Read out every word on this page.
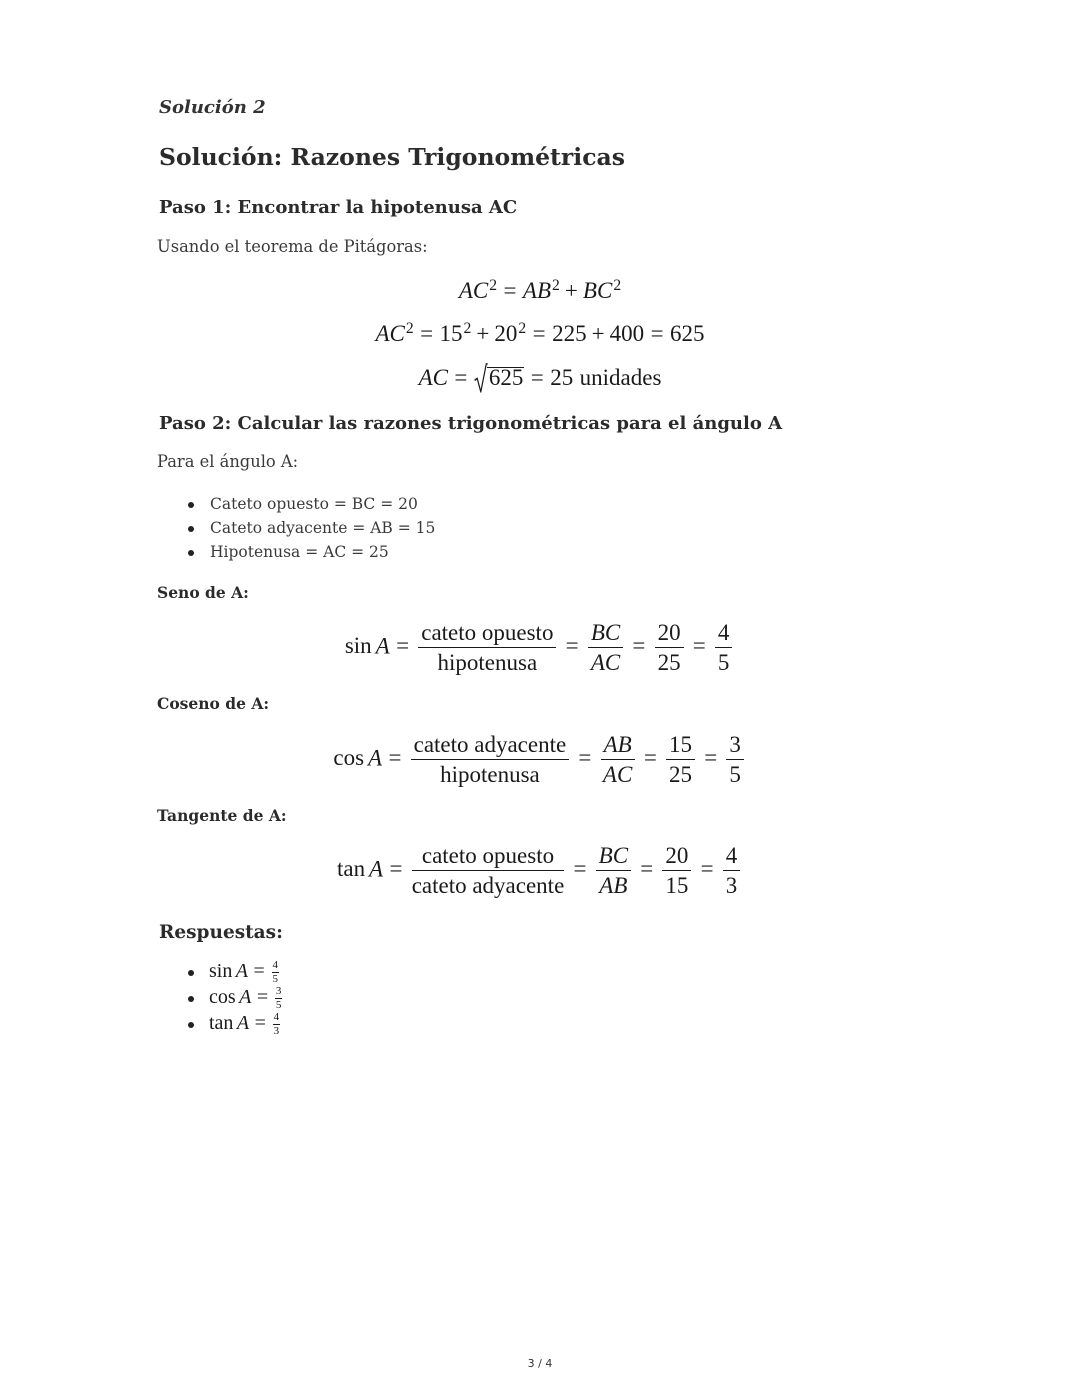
Solución 2
Solución: Razones Trigonométricas
Paso 1: Encontrar la hipotenusa AC

Usando el teorema de Pitágoras:

$AC^2 = AB^2 + BC^2$
$AC^2 = 15^2 + 20^2 = 225 + 400 = 625$
AC = 625 = 25 unidades
Paso 2: Calcular las razones trigonométricas para el ángulo A

Para el ángulo A:

Cateto opuesto = BC = 20
Cateto adyacente = AB = 15
Hipotenusa = AC = 25
Seno de A:
$\sin A = \frac{\text{cateto opuesto}}{\text{hipotenusa}} = \frac{BC}{AC} = \frac{20}{25} = \frac{4}{5}$
Coseno de A:
$\cos A = \frac{\text{cateto adyacente}}{\text{hipotenusa}} = \frac{AB}{AC} = \frac{15}{25} = \frac{3}{5}$
Tangente de A:
$\tan A = \frac{\text{cateto opuesto}}{\text{cateto adyacente}} = \frac{BC}{AB} = \frac{20}{15} = \frac{4}{3}$
Respuestas:
$\sin A = \frac{4}{5}$
$\cos A = \frac{3}{5}$
$\tan A = \frac{4}{3}$
3 / 4
